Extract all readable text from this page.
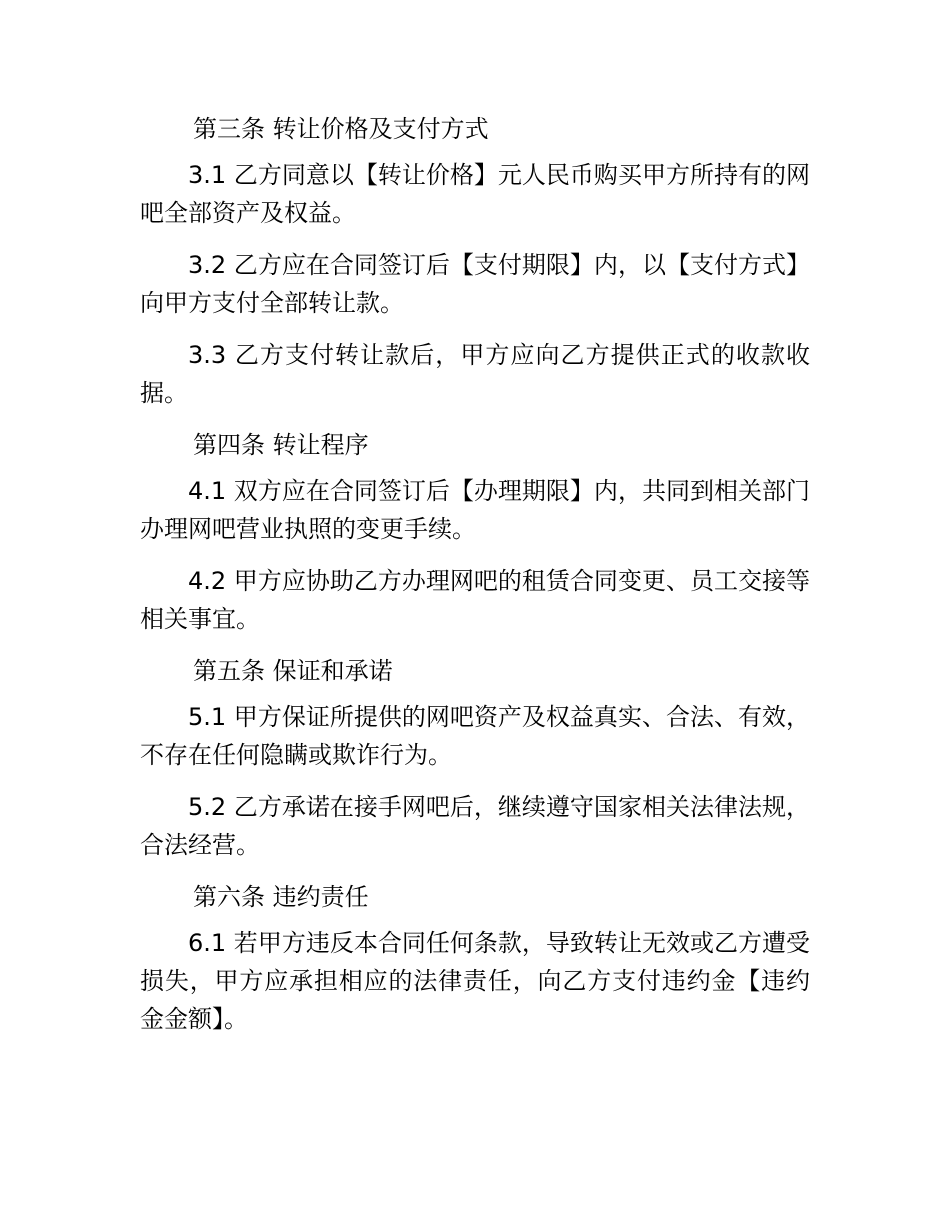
第三条 转让价格及支付方式

3.1 乙方同意以【转让价格】元人民币购买甲方所持有的网吧全部资产及权益。

3.2 乙方应在合同签订后【支付期限】内，以【支付方式】向甲方支付全部转让款。

3.3 乙方支付转让款后，甲方应向乙方提供正式的收款收据。

第四条 转让程序

4.1 双方应在合同签订后【办理期限】内，共同到相关部门办理网吧营业执照的变更手续。

4.2 甲方应协助乙方办理网吧的租赁合同变更、员工交接等相关事宜。

第五条 保证和承诺

5.1 甲方保证所提供的网吧资产及权益真实、合法、有效，不存在任何隐瞒或欺诈行为。

5.2 乙方承诺在接手网吧后，继续遵守国家相关法律法规，合法经营。

第六条 违约责任

6.1 若甲方违反本合同任何条款，导致转让无效或乙方遭受损失，甲方应承担相应的法律责任，向乙方支付违约金【违约金金额】。
